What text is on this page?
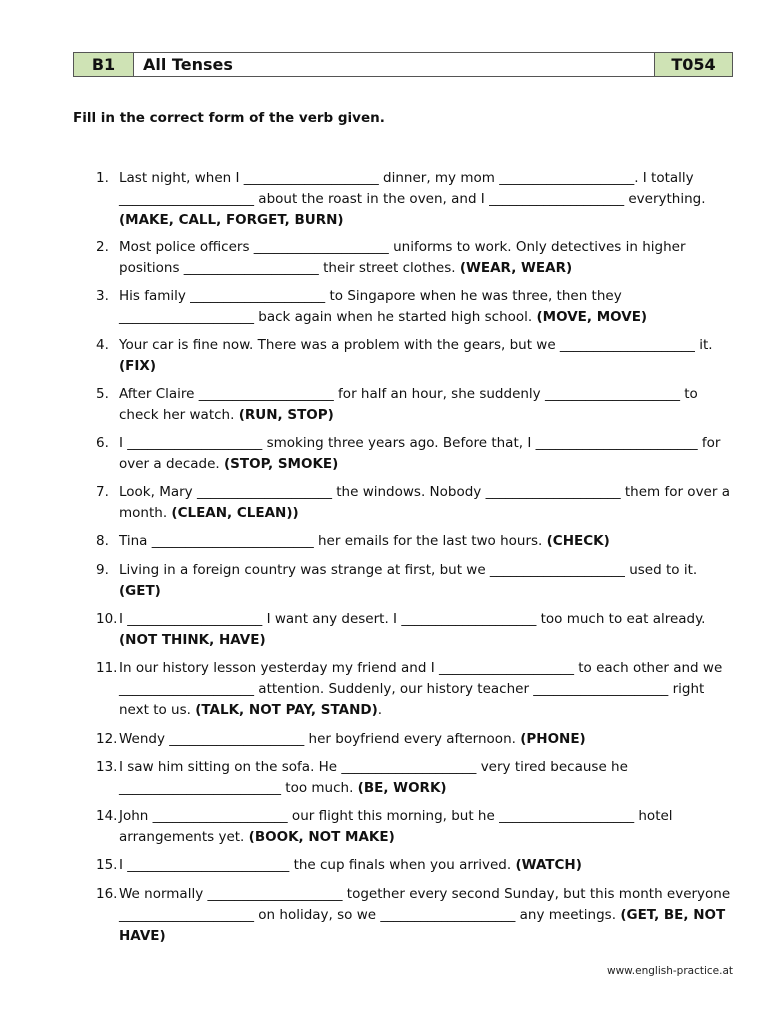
B1	All Tenses	T054
Fill in the correct form of the verb given.
1. Last night, when I ____________________ dinner, my mom ____________________. I totally ____________________ about the roast in the oven, and I ____________________ everything. (MAKE, CALL, FORGET, BURN)
2. Most police officers ____________________ uniforms to work. Only detectives in higher positions ____________________ their street clothes. (WEAR, WEAR)
3. His family ____________________ to Singapore when he was three, then they ____________________ back again when he started high school. (MOVE, MOVE)
4. Your car is fine now. There was a problem with the gears, but we ____________________ it. (FIX)
5. After Claire ____________________ for half an hour, she suddenly ____________________ to check her watch. (RUN, STOP)
6. I ____________________ smoking three years ago. Before that, I ________________________ for over a decade. (STOP, SMOKE)
7. Look, Mary ____________________ the windows. Nobody ____________________ them for over a month. (CLEAN, CLEAN))
8. Tina ________________________ her emails for the last two hours. (CHECK)
9. Living in a foreign country was strange at first, but we ____________________ used to it. (GET)
10. I ____________________ I want any desert. I ____________________ too much to eat already. (NOT THINK, HAVE)
11. In our history lesson yesterday my friend and I ____________________ to each other and we ____________________ attention. Suddenly, our history teacher ____________________ right next to us. (TALK, NOT PAY, STAND).
12. Wendy ____________________ her boyfriend every afternoon. (PHONE)
13. I saw him sitting on the sofa. He ____________________ very tired because he ________________________ too much. (BE, WORK)
14. John ____________________ our flight this morning, but he ____________________ hotel arrangements yet. (BOOK, NOT MAKE)
15. I ________________________ the cup finals when you arrived. (WATCH)
16. We normally ____________________ together every second Sunday, but this month everyone ____________________ on holiday, so we ____________________ any meetings. (GET, BE, NOT HAVE)
www.english-practice.at
